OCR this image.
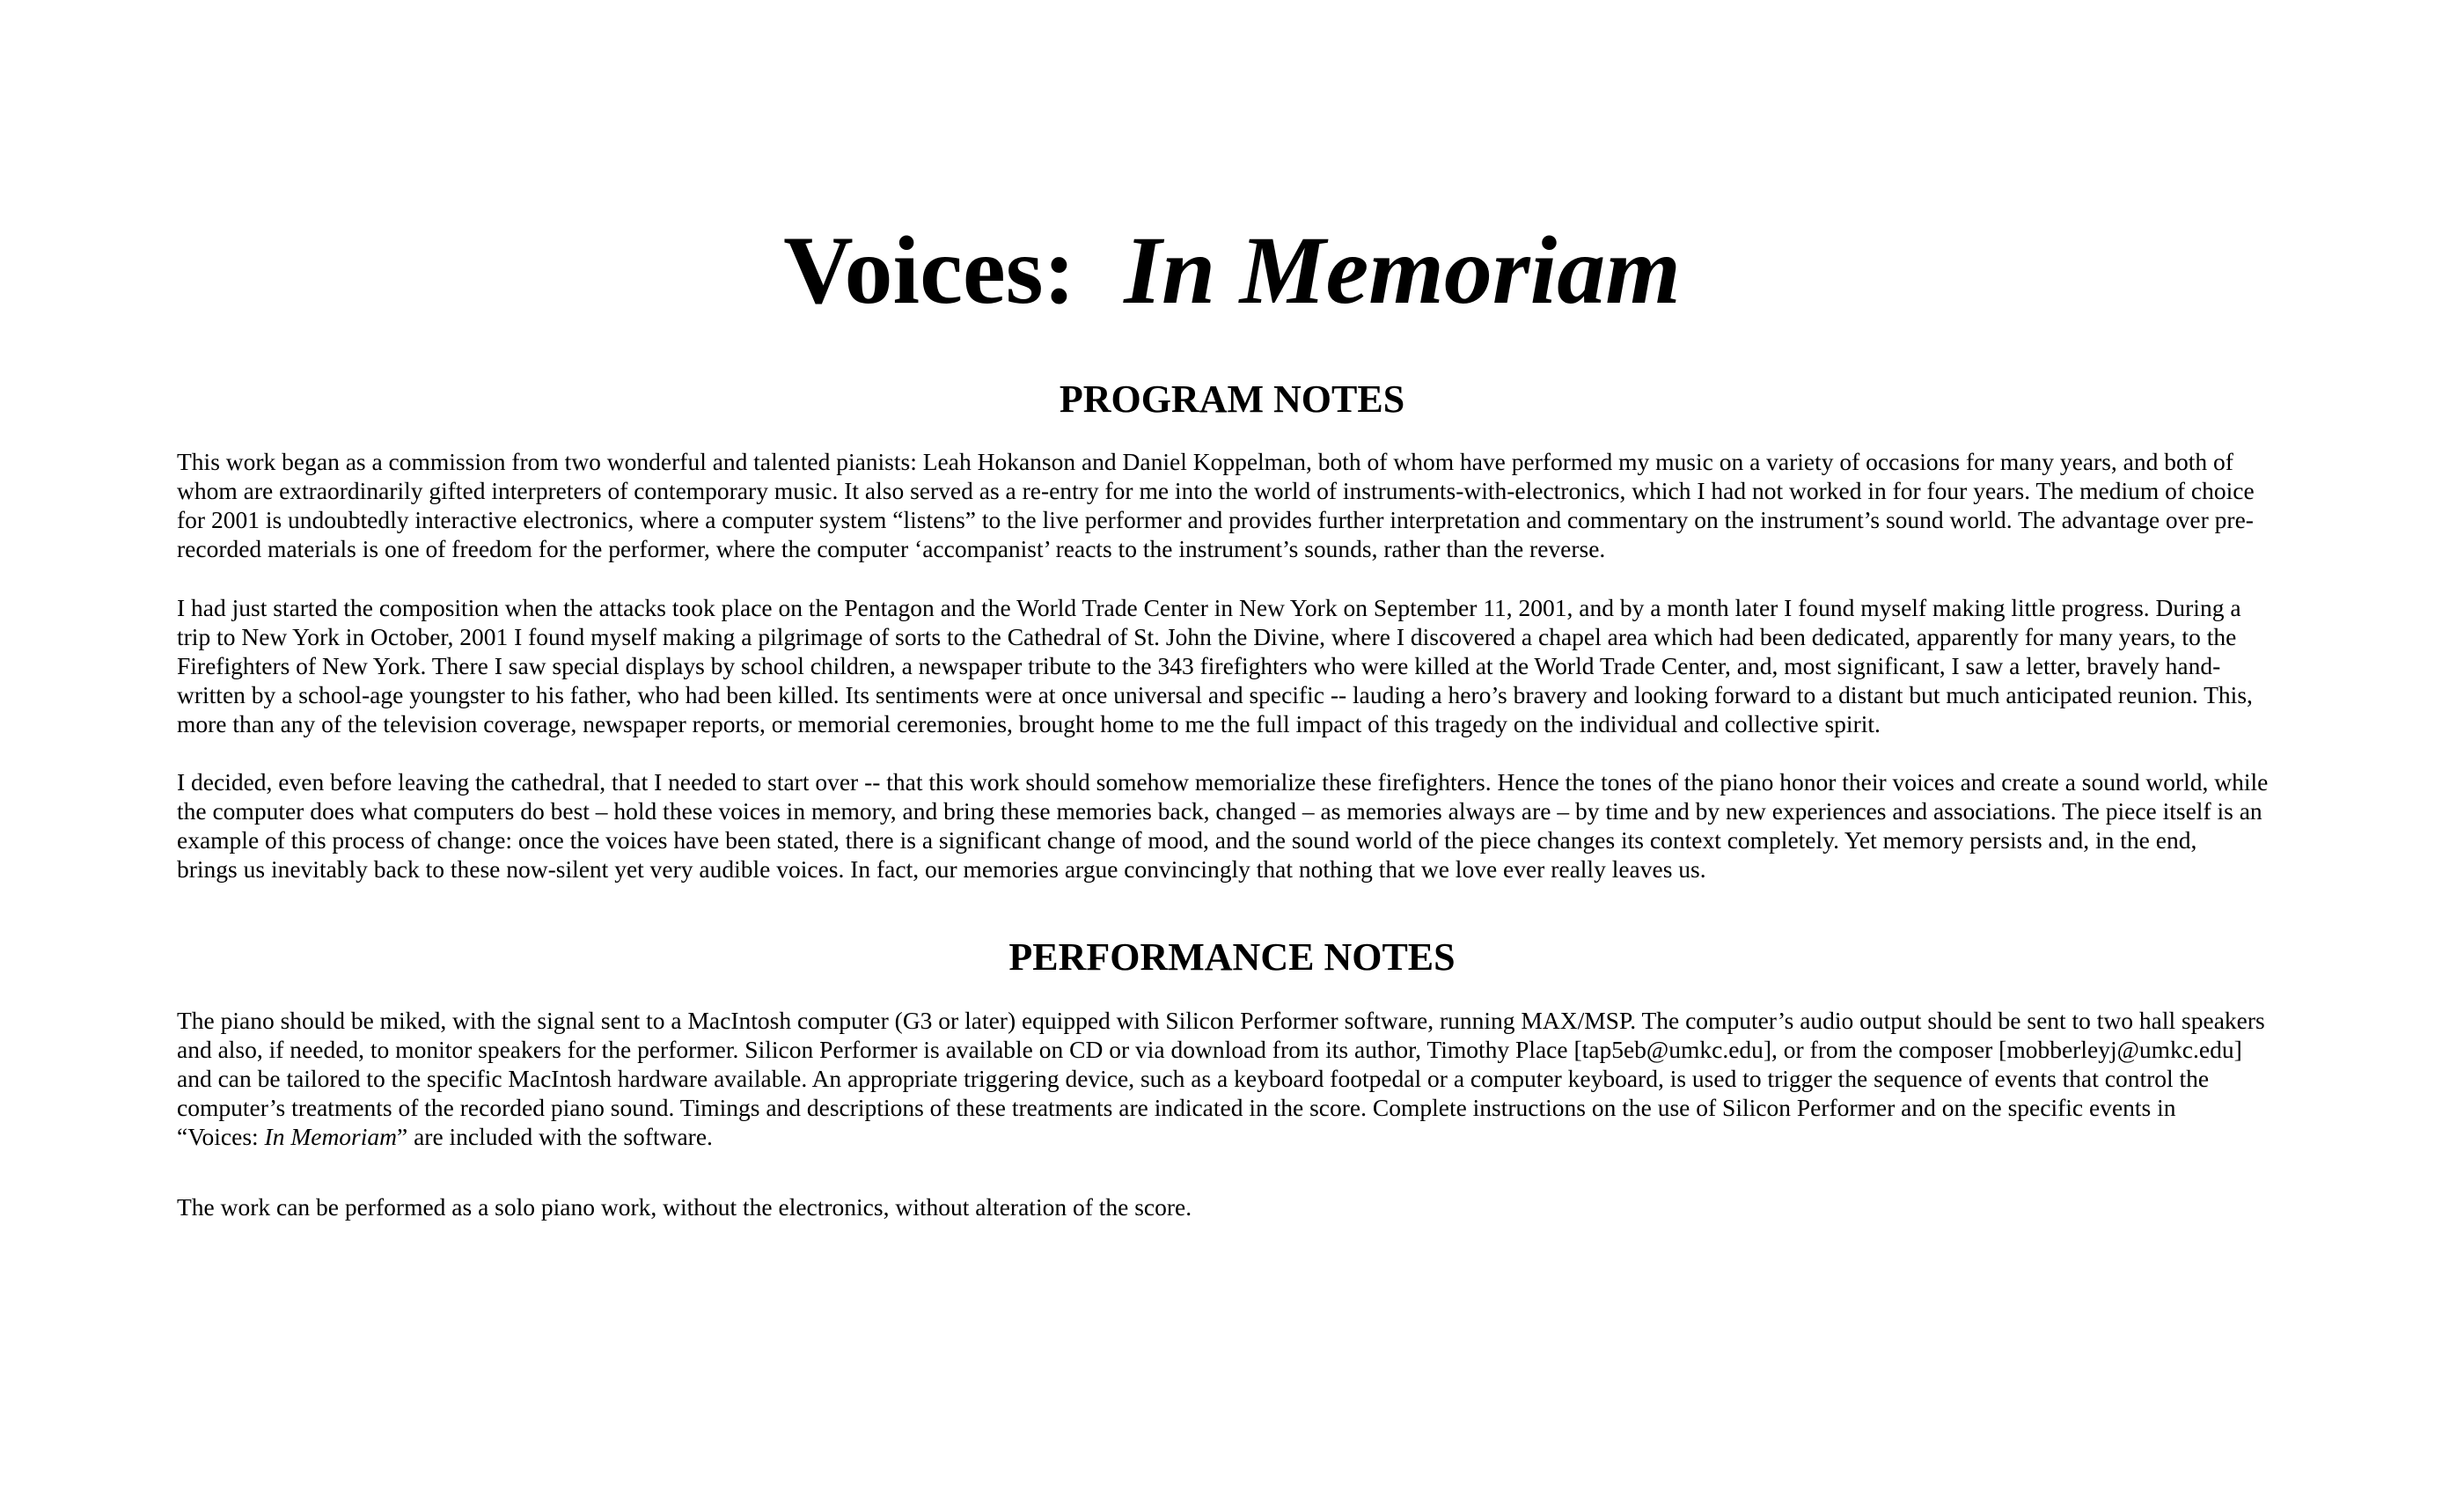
Voices: In Memoriam
PROGRAM NOTES
This work began as a commission from two wonderful and talented pianists: Leah Hokanson and Daniel Koppelman, both of whom have performed my music on a variety of occasions for many years, and both of
whom are extraordinarily gifted interpreters of contemporary music. It also served as a re-entry for me into the world of instruments-with-electronics, which I had not worked in for four years. The medium of choice
for 2001 is undoubtedly interactive electronics, where a computer system “listens” to the live performer and provides further interpretation and commentary on the instrument’s sound world. The advantage over pre-
recorded materials is one of freedom for the performer, where the computer ‘accompanist’ reacts to the instrument’s sounds, rather than the reverse.
I had just started the composition when the attacks took place on the Pentagon and the World Trade Center in New York on September 11, 2001, and by a month later I found myself making little progress. During a
trip to New York in October, 2001 I found myself making a pilgrimage of sorts to the Cathedral of St. John the Divine, where I discovered a chapel area which had been dedicated, apparently for many years, to the
Firefighters of New York. There I saw special displays by school children, a newspaper tribute to the 343 firefighters who were killed at the World Trade Center, and, most significant, I saw a letter, bravely hand-
written by a school-age youngster to his father, who had been killed. Its sentiments were at once universal and specific -- lauding a hero’s bravery and looking forward to a distant but much anticipated reunion. This,
more than any of the television coverage, newspaper reports, or memorial ceremonies, brought home to me the full impact of this tragedy on the individual and collective spirit.
I decided, even before leaving the cathedral, that I needed to start over -- that this work should somehow memorialize these firefighters. Hence the tones of the piano honor their voices and create a sound world, while
the computer does what computers do best – hold these voices in memory, and bring these memories back, changed – as memories always are – by time and by new experiences and associations. The piece itself is an
example of this process of change: once the voices have been stated, there is a significant change of mood, and the sound world of the piece changes its context completely. Yet memory persists and, in the end,
brings us inevitably back to these now-silent yet very audible voices. In fact, our memories argue convincingly that nothing that we love ever really leaves us.
PERFORMANCE NOTES
The piano should be miked, with the signal sent to a MacIntosh computer (G3 or later) equipped with Silicon Performer software, running MAX/MSP. The computer’s audio output should be sent to two hall speakers
and also, if needed, to monitor speakers for the performer. Silicon Performer is available on CD or via download from its author, Timothy Place [tap5eb@umkc.edu], or from the composer [mobberleyj@umkc.edu]
and can be tailored to the specific MacIntosh hardware available. An appropriate triggering device, such as a keyboard footpedal or a computer keyboard, is used to trigger the sequence of events that control the
computer’s treatments of the recorded piano sound. Timings and descriptions of these treatments are indicated in the score. Complete instructions on the use of Silicon Performer and on the specific events in
“Voices: In Memoriam” are included with the software.
The work can be performed as a solo piano work, without the electronics, without alteration of the score.
